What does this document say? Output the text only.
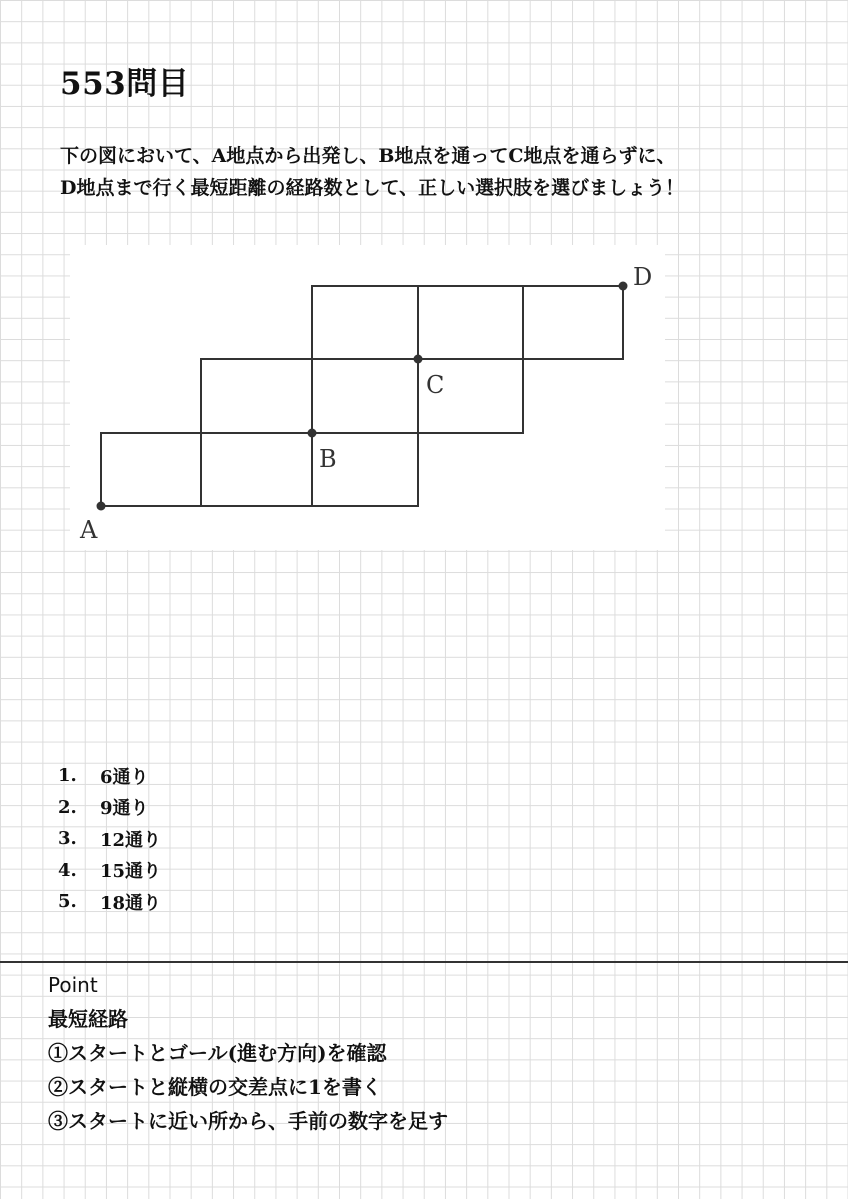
553問目
下の図において、A地点から出発し、B地点を通ってC地点を通らずに、
D地点まで行く最短距離の経路数として、正しい選択肢を選びましょう！
A
B
C
D
1.	6通り
2.	9通り
3.	12通り
4.	15通り
5.	18通り
Point
最短経路
①スタートとゴール(進む方向)を確認
②スタートと縦横の交差点に1を書く
③スタートに近い所から、手前の数字を足す
